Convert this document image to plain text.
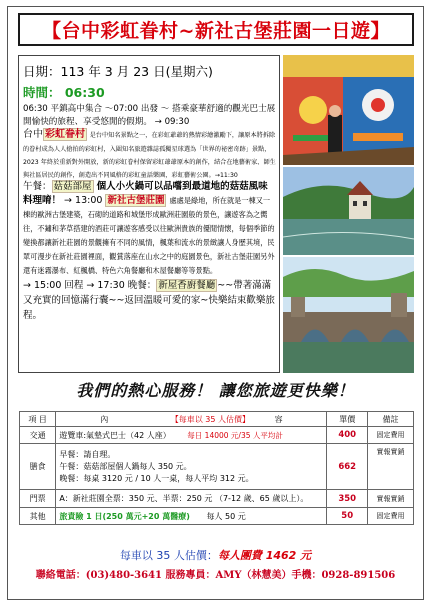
【台中彩虹眷村~新社古堡莊園一日遊】
日期：113 年 3 月 23 日(星期六)
時間： 06:30
06:30 平鎮高中集合 ～07:00 出發 ～ 搭乘豪華舒適的觀光巴士展開愉快的旅程、享受悠閒的假期。 → 09:30
台中 彩虹眷村 是台中知名景點之一，在彩虹爺爺的熱情彩繪激勵下，讓原本將拆除的眷村成為人人搶拍的彩虹村，入圍知名旅遊雜誌孤獨星球選為「世界的祕密奇跡」景點，2023 年終於重新對外開放，新的彩虹眷村保留彩虹爺爺原本的創作，結合在地藝術家、師生與社區居民的創作，創造出不同風格的彩虹童話樂園，彩虹藝術公園。→11:30
午餐： 菇菇部屋 個人小火鍋可以品嚐到最道地的菇菇風味料理唷！ → 13:00 新社古堡莊園 處處是綠地，所在就是一棟又一棟的歐洲古堡建築，石砌的道路和城堡形成歐洲莊園般的景色，讓遊客為之嚮往，不鏽和茅草搭建的酒莊可讓遊客感受以往歐洲貴族的優閒情懷，每個季節的變換都讓新社莊園的景觀擁有不同的風情，楓葉和流水的景緻讓人身歷其境，民眾可漫步在新社莊園裡面，觀賞落座在山水之中的庭園景色，新社古堡莊園另外還有迷霧瀑布、紅楓橋、特色六角餐廳和木屋餐廳等等景點。
→ 15:00 回程 → 17:30 晚餐： 新屋香廚餐廳 ~~帶著滿滿又充實的回憶滿行囊~~返回溫暖可愛的家~快樂結束歡樂旅程。
我們的熱心服務！ 讓您旅遊更快樂！
項 目	內 【每車以 35 人估價】 容	單價	備註
交通	遊覽車:氣墊式巴士（42 人座） 每日 14000 元/35 人平均計	400	固定費用
膳食	早餐：請自理。
午餐：菇菇部屋個人鍋每人 350 元。
晚餐：每桌 3120 元 / 10 人一桌，每人平均 312 元。	662	實報實銷
門票	A：新社莊園全票：350 元、半票：250 元 （7-12 歲、65 歲以上）。	350	實報實銷
其他	旅責險 1 日(250 萬元+20 萬醫療) 每人 50 元	50	固定費用
每車以 35 人估價：每人團費 1462 元
聯絡電話：(03)480-3641 服務專員：AMY（林慧美）手機：0928-891506
